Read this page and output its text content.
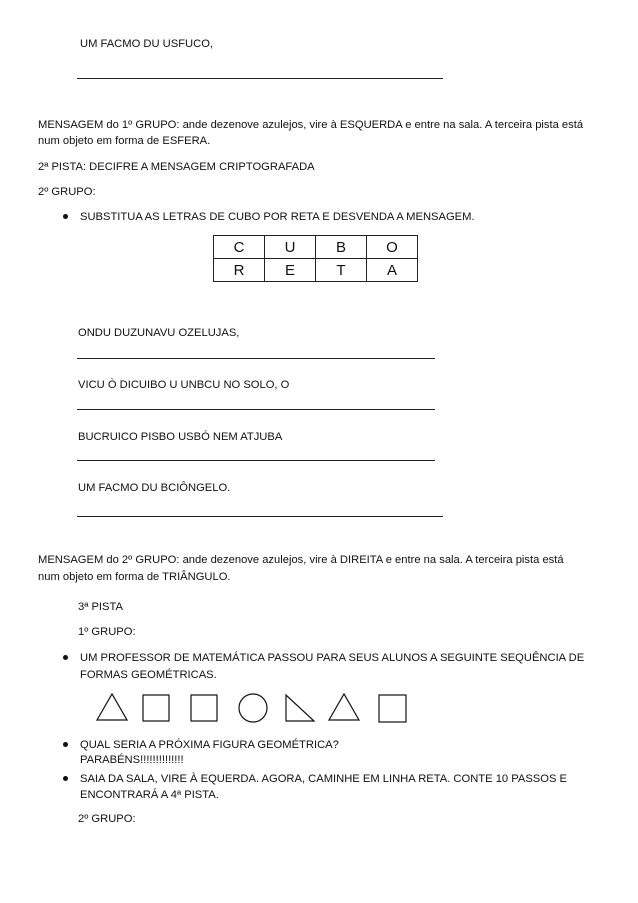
UM FACMO DU USFUCO,
MENSAGEM do 1º GRUPO: ande dezenove azulejos, vire à ESQUERDA e entre na sala. A terceira pista está
num objeto em forma de ESFERA.
2ª PISTA: DECIFRE A MENSAGEM CRIPTOGRAFADA
2º GRUPO:
SUBSTITUA AS LETRAS DE CUBO POR RETA E DESVENDA A MENSAGEM.
C	U	B	O
R	E	T	A
ONDU DUZUNAVU OZELUJAS,
VICU Ò DICUIBO U UNBCU NO SOLO, O
BUCRUICO PISBO USBÓ NEM ATJUBA
UM FACMO DU BCIÔNGELO.
MENSAGEM do 2º GRUPO: ande dezenove azulejos, vire à DIREITA e entre na sala. A terceira pista está
num objeto em forma de TRIÂNGULO.
3ª PISTA
1º GRUPO:
UM PROFESSOR DE MATEMÁTICA PASSOU PARA SEUS ALUNOS A SEGUINTE SEQUÊNCIA DE
FORMAS GEOMÉTRICAS.
QUAL SERIA A PRÓXIMA FIGURA GEOMÉTRICA?
PARABÉNS!!!!!!!!!!!!!!
SAIA DA SALA, VIRE À EQUERDA. AGORA, CAMINHE EM LINHA RETA. CONTE 10 PASSOS E
ENCONTRARÁ A 4ª PISTA.
2º GRUPO:
